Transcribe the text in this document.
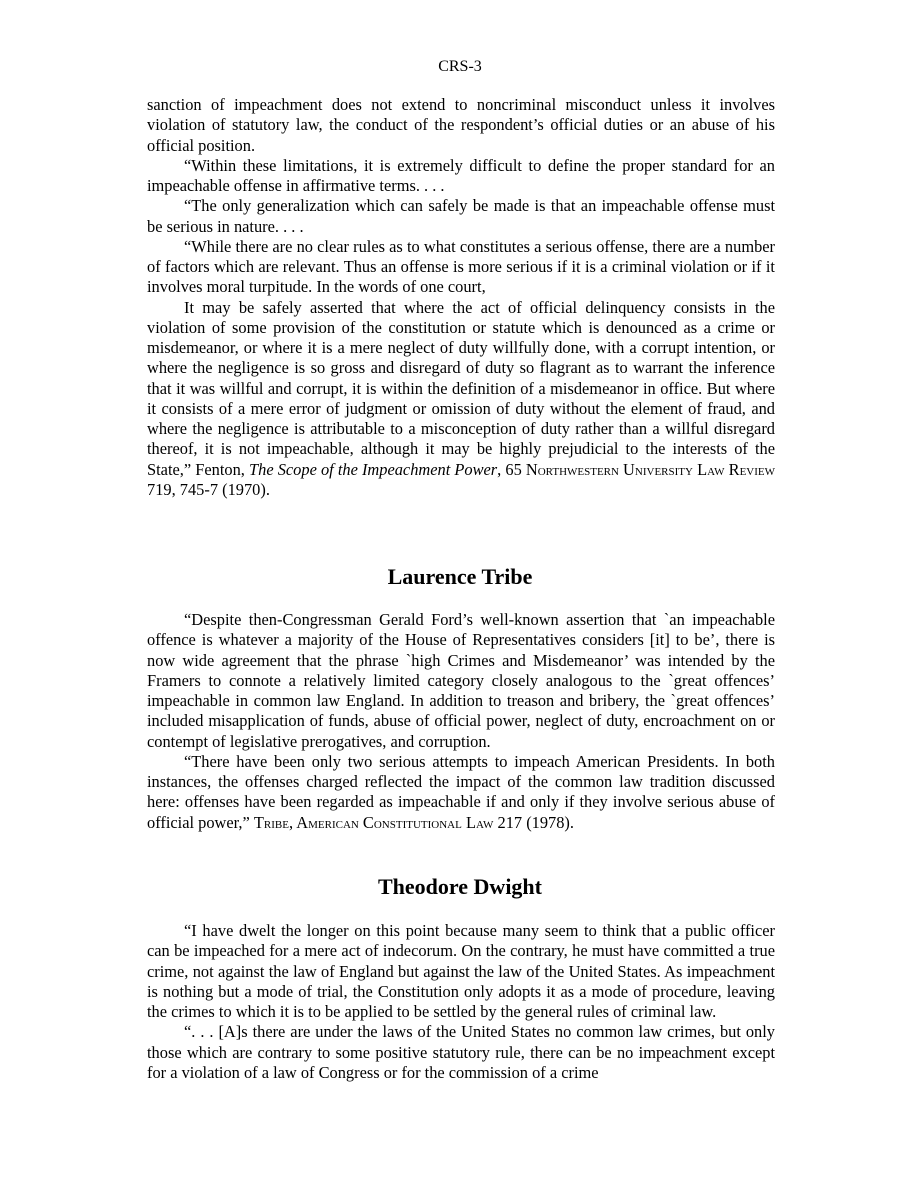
CRS-3

sanction of impeachment does not extend to noncriminal misconduct unless it involves violation of statutory law, the conduct of the respondent’s official duties or an abuse of his official position.

“Within these limitations, it is extremely difficult to define the proper standard for an impeachable offense in affirmative terms. . . .

“The only generalization which can safely be made is that an impeachable offense must be serious in nature. . . .

“While there are no clear rules as to what constitutes a serious offense, there are a number of factors which are relevant. Thus an offense is more serious if it is a criminal violation or if it involves moral turpitude. In the words of one court,

It may be safely asserted that where the act of official delinquency consists in the violation of some provision of the constitution or statute which is denounced as a crime or misdemeanor, or where it is a mere neglect of duty willfully done, with a corrupt intention, or where the negligence is so gross and disregard of duty so flagrant as to warrant the inference that it was willful and corrupt, it is within the definition of a misdemeanor in office. But where it consists of a mere error of judgment or omission of duty without the element of fraud, and where the negligence is attributable to a misconception of duty rather than a willful disregard thereof, it is not impeachable, although it may be highly prejudicial to the interests of the State,” Fenton, The Scope of the Impeachment Power, 65 Northwestern University Law Review 719, 745-7 (1970).

Laurence Tribe

“Despite then-Congressman Gerald Ford’s well-known assertion that `an impeachable offence is whatever a majority of the House of Representatives considers [it] to be’, there is now wide agreement that the phrase `high Crimes and Misdemeanor’ was intended by the Framers to connote a relatively limited category closely analogous to the `great offences’ impeachable in common law England. In addition to treason and bribery, the `great offences’ included misapplication of funds, abuse of official power, neglect of duty, encroachment on or contempt of legislative prerogatives, and corruption.

“There have been only two serious attempts to impeach American Presidents. In both instances, the offenses charged reflected the impact of the common law tradition discussed here: offenses have been regarded as impeachable if and only if they involve serious abuse of official power,” Tribe, American Constitutional Law 217 (1978).

Theodore Dwight

“I have dwelt the longer on this point because many seem to think that a public officer can be impeached for a mere act of indecorum. On the contrary, he must have committed a true crime, not against the law of England but against the law of the United States. As impeachment is nothing but a mode of trial, the Constitution only adopts it as a mode of procedure, leaving the crimes to which it is to be applied to be settled by the general rules of criminal law.

“. . . [A]s there are under the laws of the United States no common law crimes, but only those which are contrary to some positive statutory rule, there can be no impeachment except for a violation of a law of Congress or for the commission of a crime
